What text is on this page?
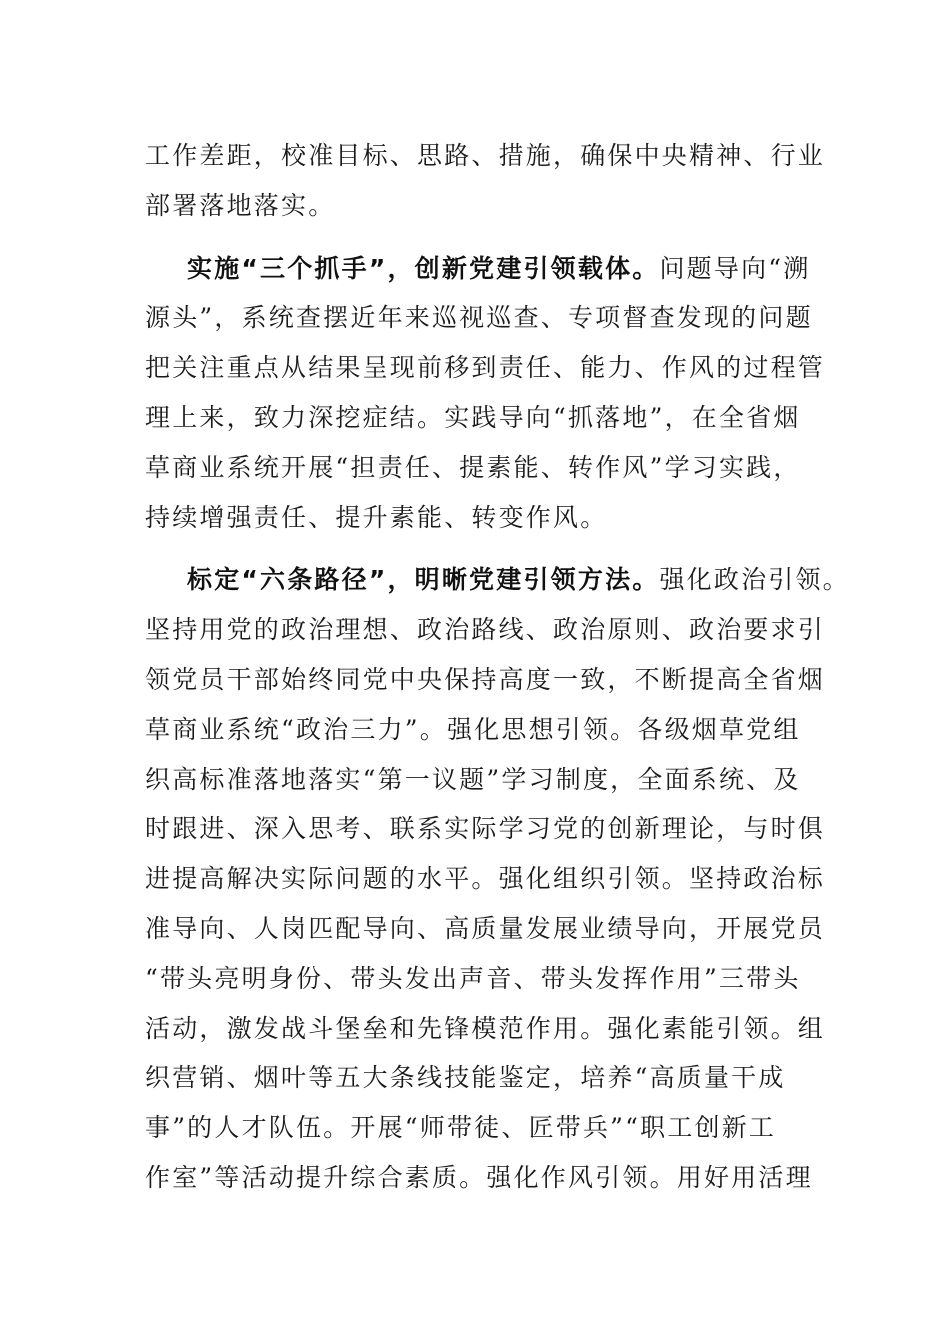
工作差距，校准目标、思路、措施，确保中央精神、行业
部署落地落实。
实施“三个抓手”，创新党建引领载体。问题导向“溯
源头”，系统查摆近年来巡视巡查、专项督查发现的问题
把关注重点从结果呈现前移到责任、能力、作风的过程管
理上来，致力深挖症结。实践导向“抓落地”，在全省烟
草商业系统开展“担责任、提素能、转作风”学习实践，
持续增强责任、提升素能、转变作风。
标定“六条路径”，明晰党建引领方法。强化政治引领。
坚持用党的政治理想、政治路线、政治原则、政治要求引
领党员干部始终同党中央保持高度一致，不断提高全省烟
草商业系统“政治三力”。强化思想引领。各级烟草党组
织高标准落地落实“第一议题”学习制度，全面系统、及
时跟进、深入思考、联系实际学习党的创新理论，与时俱
进提高解决实际问题的水平。强化组织引领。坚持政治标
准导向、人岗匹配导向、高质量发展业绩导向，开展党员
“带头亮明身份、带头发出声音、带头发挥作用”三带头
活动，激发战斗堡垒和先锋模范作用。强化素能引领。组
织营销、烟叶等五大条线技能鉴定，培养“高质量干成
事”的人才队伍。开展“师带徒、匠带兵”“职工创新工
作室”等活动提升综合素质。强化作风引领。用好用活理
